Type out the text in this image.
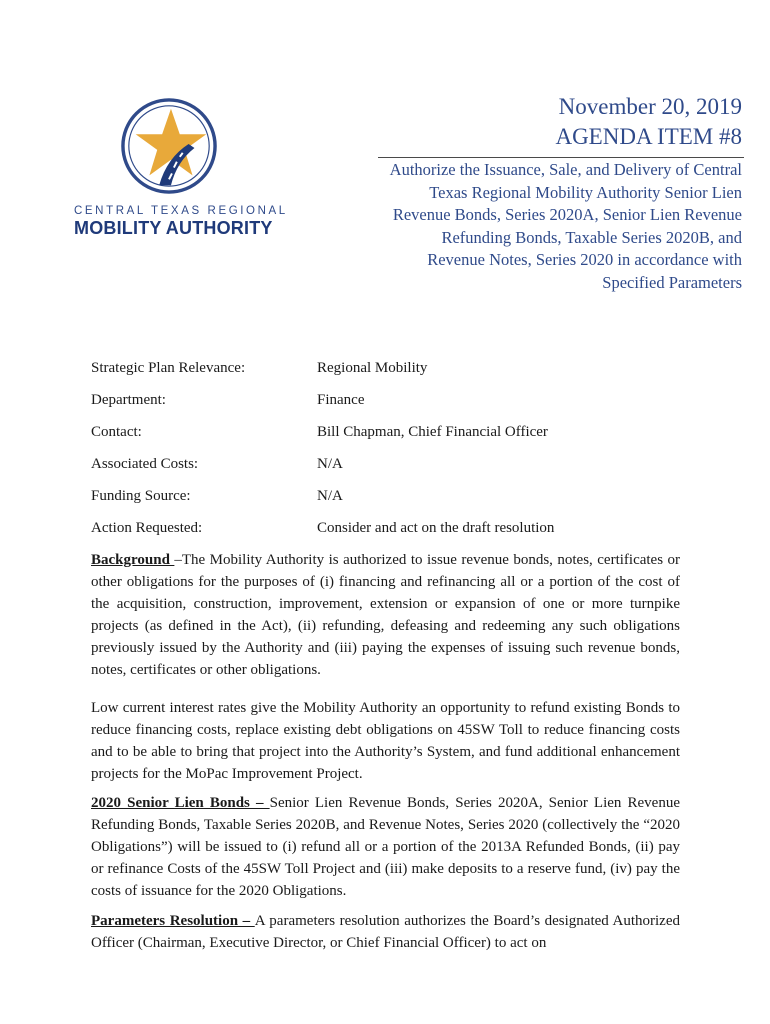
CENTRAL TEXAS REGIONAL
MOBILITY AUTHORITY
November 20, 2019
AGENDA ITEM #8
Authorize the Issuance, Sale, and Delivery of Central Texas Regional Mobility Authority Senior Lien Revenue Bonds, Series 2020A, Senior Lien Revenue Refunding Bonds, Taxable Series 2020B, and Revenue Notes, Series 2020 in accordance with Specified Parameters
Strategic Plan Relevance:	Regional Mobility
Department:	Finance
Contact:	Bill Chapman, Chief Financial Officer
Associated Costs:	N/A
Funding Source:	N/A
Action Requested:	Consider and act on the draft resolution
Background –The Mobility Authority is authorized to issue revenue bonds, notes, certificates or other obligations for the purposes of (i) financing and refinancing all or a portion of the cost of the acquisition, construction, improvement, extension or expansion of one or more turnpike projects (as defined in the Act), (ii) refunding, defeasing and redeeming any such obligations previously issued by the Authority and (iii) paying the expenses of issuing such revenue bonds, notes, certificates or other obligations.
Low current interest rates give the Mobility Authority an opportunity to refund existing Bonds to reduce financing costs, replace existing debt obligations on 45SW Toll to reduce financing costs and to be able to bring that project into the Authority’s System, and fund additional enhancement projects for the MoPac Improvement Project.
2020 Senior Lien Bonds – Senior Lien Revenue Bonds, Series 2020A, Senior Lien Revenue Refunding Bonds, Taxable Series 2020B, and Revenue Notes, Series 2020 (collectively the “2020 Obligations”) will be issued to (i) refund all or a portion of the 2013A Refunded Bonds, (ii) pay or refinance Costs of the 45SW Toll Project and (iii) make deposits to a reserve fund, (iv) pay the costs of issuance for the 2020 Obligations.
Parameters Resolution – A parameters resolution authorizes the Board’s designated Authorized Officer (Chairman, Executive Director, or Chief Financial Officer) to act on
